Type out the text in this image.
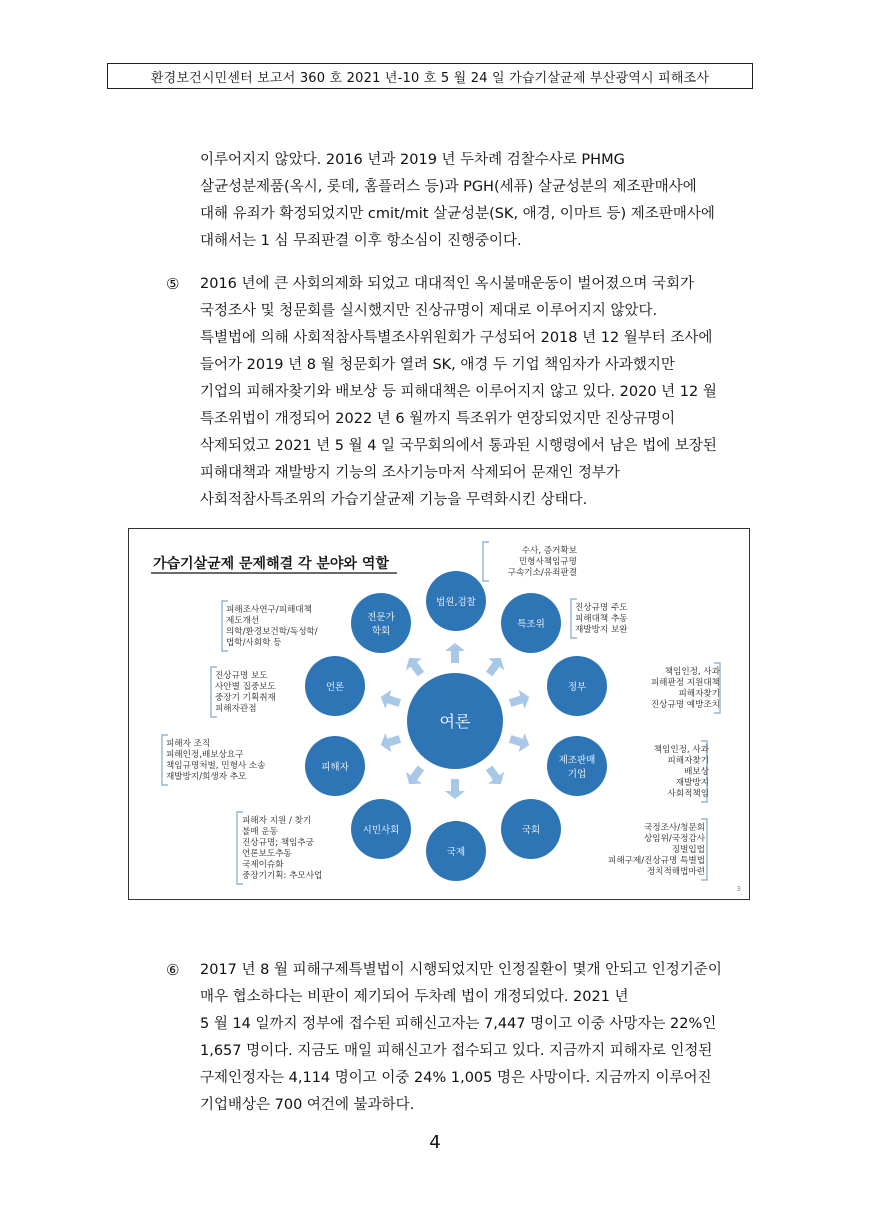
환경보건시민센터 보고서 360 호 2021 년-10 호 5 월 24 일 가습기살균제 부산광역시 피해조사

이루어지지 않았다. 2016 년과 2019 년 두차례 검찰수사로 PHMG

살균성분제품(옥시, 롯데, 홈플러스 등)과 PGH(세퓨) 살균성분의 제조판매사에

대해 유죄가 확정되었지만 cmit/mit 살균성분(SK, 애경, 이마트 등) 제조판매사에

대해서는 1 심 무죄판결 이후 항소심이 진행중이다.

⑤ 2016 년에 큰 사회의제화 되었고 대대적인 옥시불매운동이 벌어졌으며 국회가

국정조사 및 청문회를 실시했지만 진상규명이 제대로 이루어지지 않았다.

특별법에 의해 사회적참사특별조사위원회가 구성되어 2018 년 12 월부터 조사에

들어가 2019 년 8 월 청문회가 열려 SK, 애경 두 기업 책임자가 사과했지만

기업의 피해자찾기와 배보상 등 피해대책은 이루어지지 않고 있다. 2020 년 12 월

특조위법이 개정되어 2022 년 6 월까지 특조위가 연장되었지만 진상규명이

삭제되었고 2021 년 5 월 4 일 국무회의에서 통과된 시행령에서 남은 법에 보장된

피해대책과 재발방지 기능의 조사기능마저 삭제되어 문재인 정부가

사회적참사특조위의 가습기살균제 기능을 무력화시킨 상태다.

가습기살균제 문제해결 각 분야와 역할
여론
법원,검찰
수사, 증거확보
민형사책임규명
구속기소/유죄판결
특조위
진상규명 주도
피해대책 추동
재발방지 보완
정부
책임인정, 사과
피해판정 지원대책
피해자찾기
진상규명 예방조치
제조판매
기업
책임인정, 사과
피해자찾기
배보상
재발방지
사회적책임
국회	국정조사/청문회
상임위/국정감사
징벌입법
피해구제/진상규명 특별법
정치적해법마련
국제
시민사회
피해자 지원 / 찾기
불매 운동
진상규명; 책임추궁
언론보도추동
국제이슈화
중장기기획: 추모사업
피해자
피해자 조직
피해인정,배보상요구
책임규명처벌, 민형사 소송
재발방지/희생자 추모
언론
진상규명 보도
사안별 집중보도
중장기 기획취재
피해자관점
전문가
학회
피해조사연구/피해대책
제도개선
의학/환경보건학/독성학/
법학/사회학 등
3
⑥ 2017 년 8 월 피해구제특별법이 시행되었지만 인정질환이 몇개 안되고 인정기준이

매우 협소하다는 비판이 제기되어 두차례 법이 개정되었다. 2021 년

5 월 14 일까지 정부에 접수된 피해신고자는 7,447 명이고 이중 사망자는 22%인

1,657 명이다. 지금도 매일 피해신고가 접수되고 있다. 지금까지 피해자로 인정된

구제인정자는 4,114 명이고 이중 24% 1,005 명은 사망이다. 지금까지 이루어진

기업배상은 700 여건에 불과하다.

4
